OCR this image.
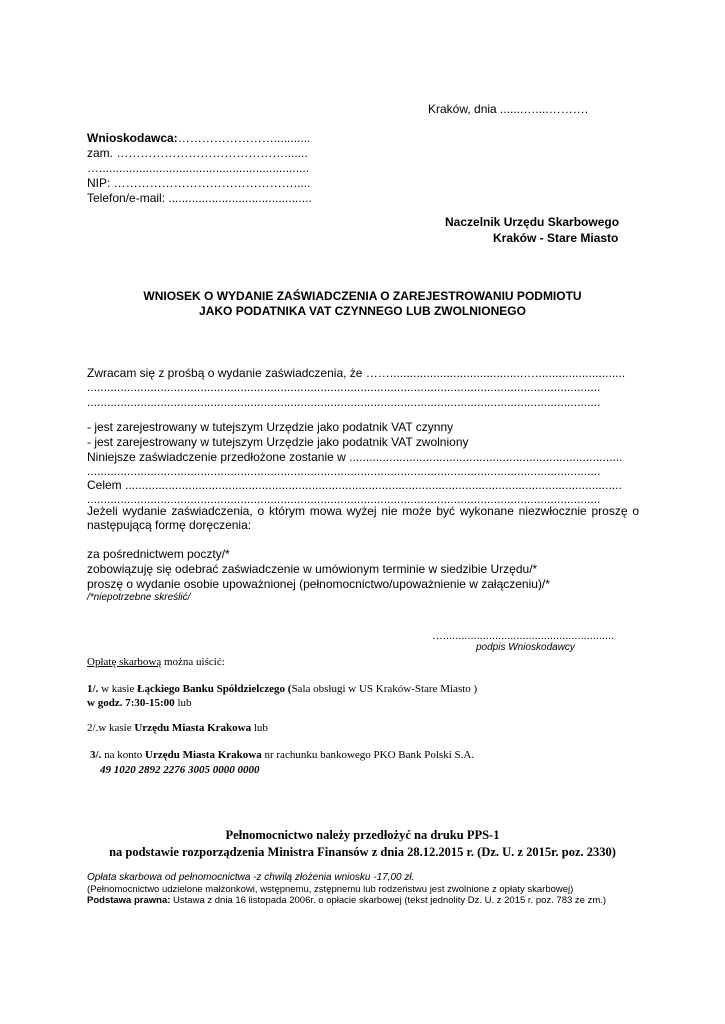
Kraków, dnia .......…....……….
Wnioskodawca:……………………...........
zam. …………………………………….......
…...............................................................
NIP: ……………………………………….....
Telefon/e-mail: ...........................................
Naczelnik Urzędu Skarbowego
Kraków - Stare Miasto
WNIOSEK O WYDANIE ZAŚWIADCZENIA O ZAREJESTROWANIU PODMIOTU
JAKO PODATNIKA VAT CZYNNEGO LUB ZWOLNIONEGO
Zwracam się z prośbą o wydanie zaświadczenia, że ……........................................…...........................
..........................................................................................................................................................
..........................................................................................................................................................
- jest zarejestrowany w tutejszym Urzędzie jako podatnik VAT czynny
- jest zarejestrowany w tutejszym Urzędzie jako podatnik VAT zwolniony
Niniejsze zaświadczenie przedłożone zostanie w ..................................................................................
..........................................................................................................................................................
Celem .....................................................................................................................................................
..........................................................................................................................................................
Jeżeli wydanie zaświadczenia, o którym mowa wyżej nie może być wykonane niezwłocznie proszę o
następującą formę doręczenia:
za pośrednictwem poczty/*
zobowiązuję się odebrać zaświadczenie w umówionym terminie w siedzibie Urzędu/*
proszę o wydanie osobie upoważnionej (pełnomocnictwo/upoważnienie w załączeniu)/*
/*niepotrzebne skreślić/
…........................................................
podpis Wnioskodawcy
Opłatę skarbową można uiścić:
1/. w kasie Łąckiego Banku Spółdzielczego (Sala obsługi w US Kraków-Stare Miasto )
w godz. 7:30-15:00 lub
2/.w kasie Urzędu Miasta Krakowa lub
3/. na konto Urzędu Miasta Krakowa nr rachunku bankowego PKO Bank Polski S.A.
49 1020 2892 2276 3005 0000 0000
Pełnomocnictwo należy przedłożyć na druku PPS-1
na podstawie rozporządzenia Ministra Finansów z dnia 28.12.2015 r. (Dz. U. z 2015r. poz. 2330)
Opłata skarbowa od pełnomocnictwa -z chwilą złożenia wniosku -17,00 zł.
(Pełnomocnictwo udzielone małżonkowi, wstępnemu, zstępnemu lub rodzeństwu jest zwolnione z opłaty skarbowej)
Podstawa prawna: Ustawa z dnia 16 listopada 2006r. o opłacie skarbowej (tekst jednolity Dz. U. z 2015 r. poz. 783 ze zm.)
